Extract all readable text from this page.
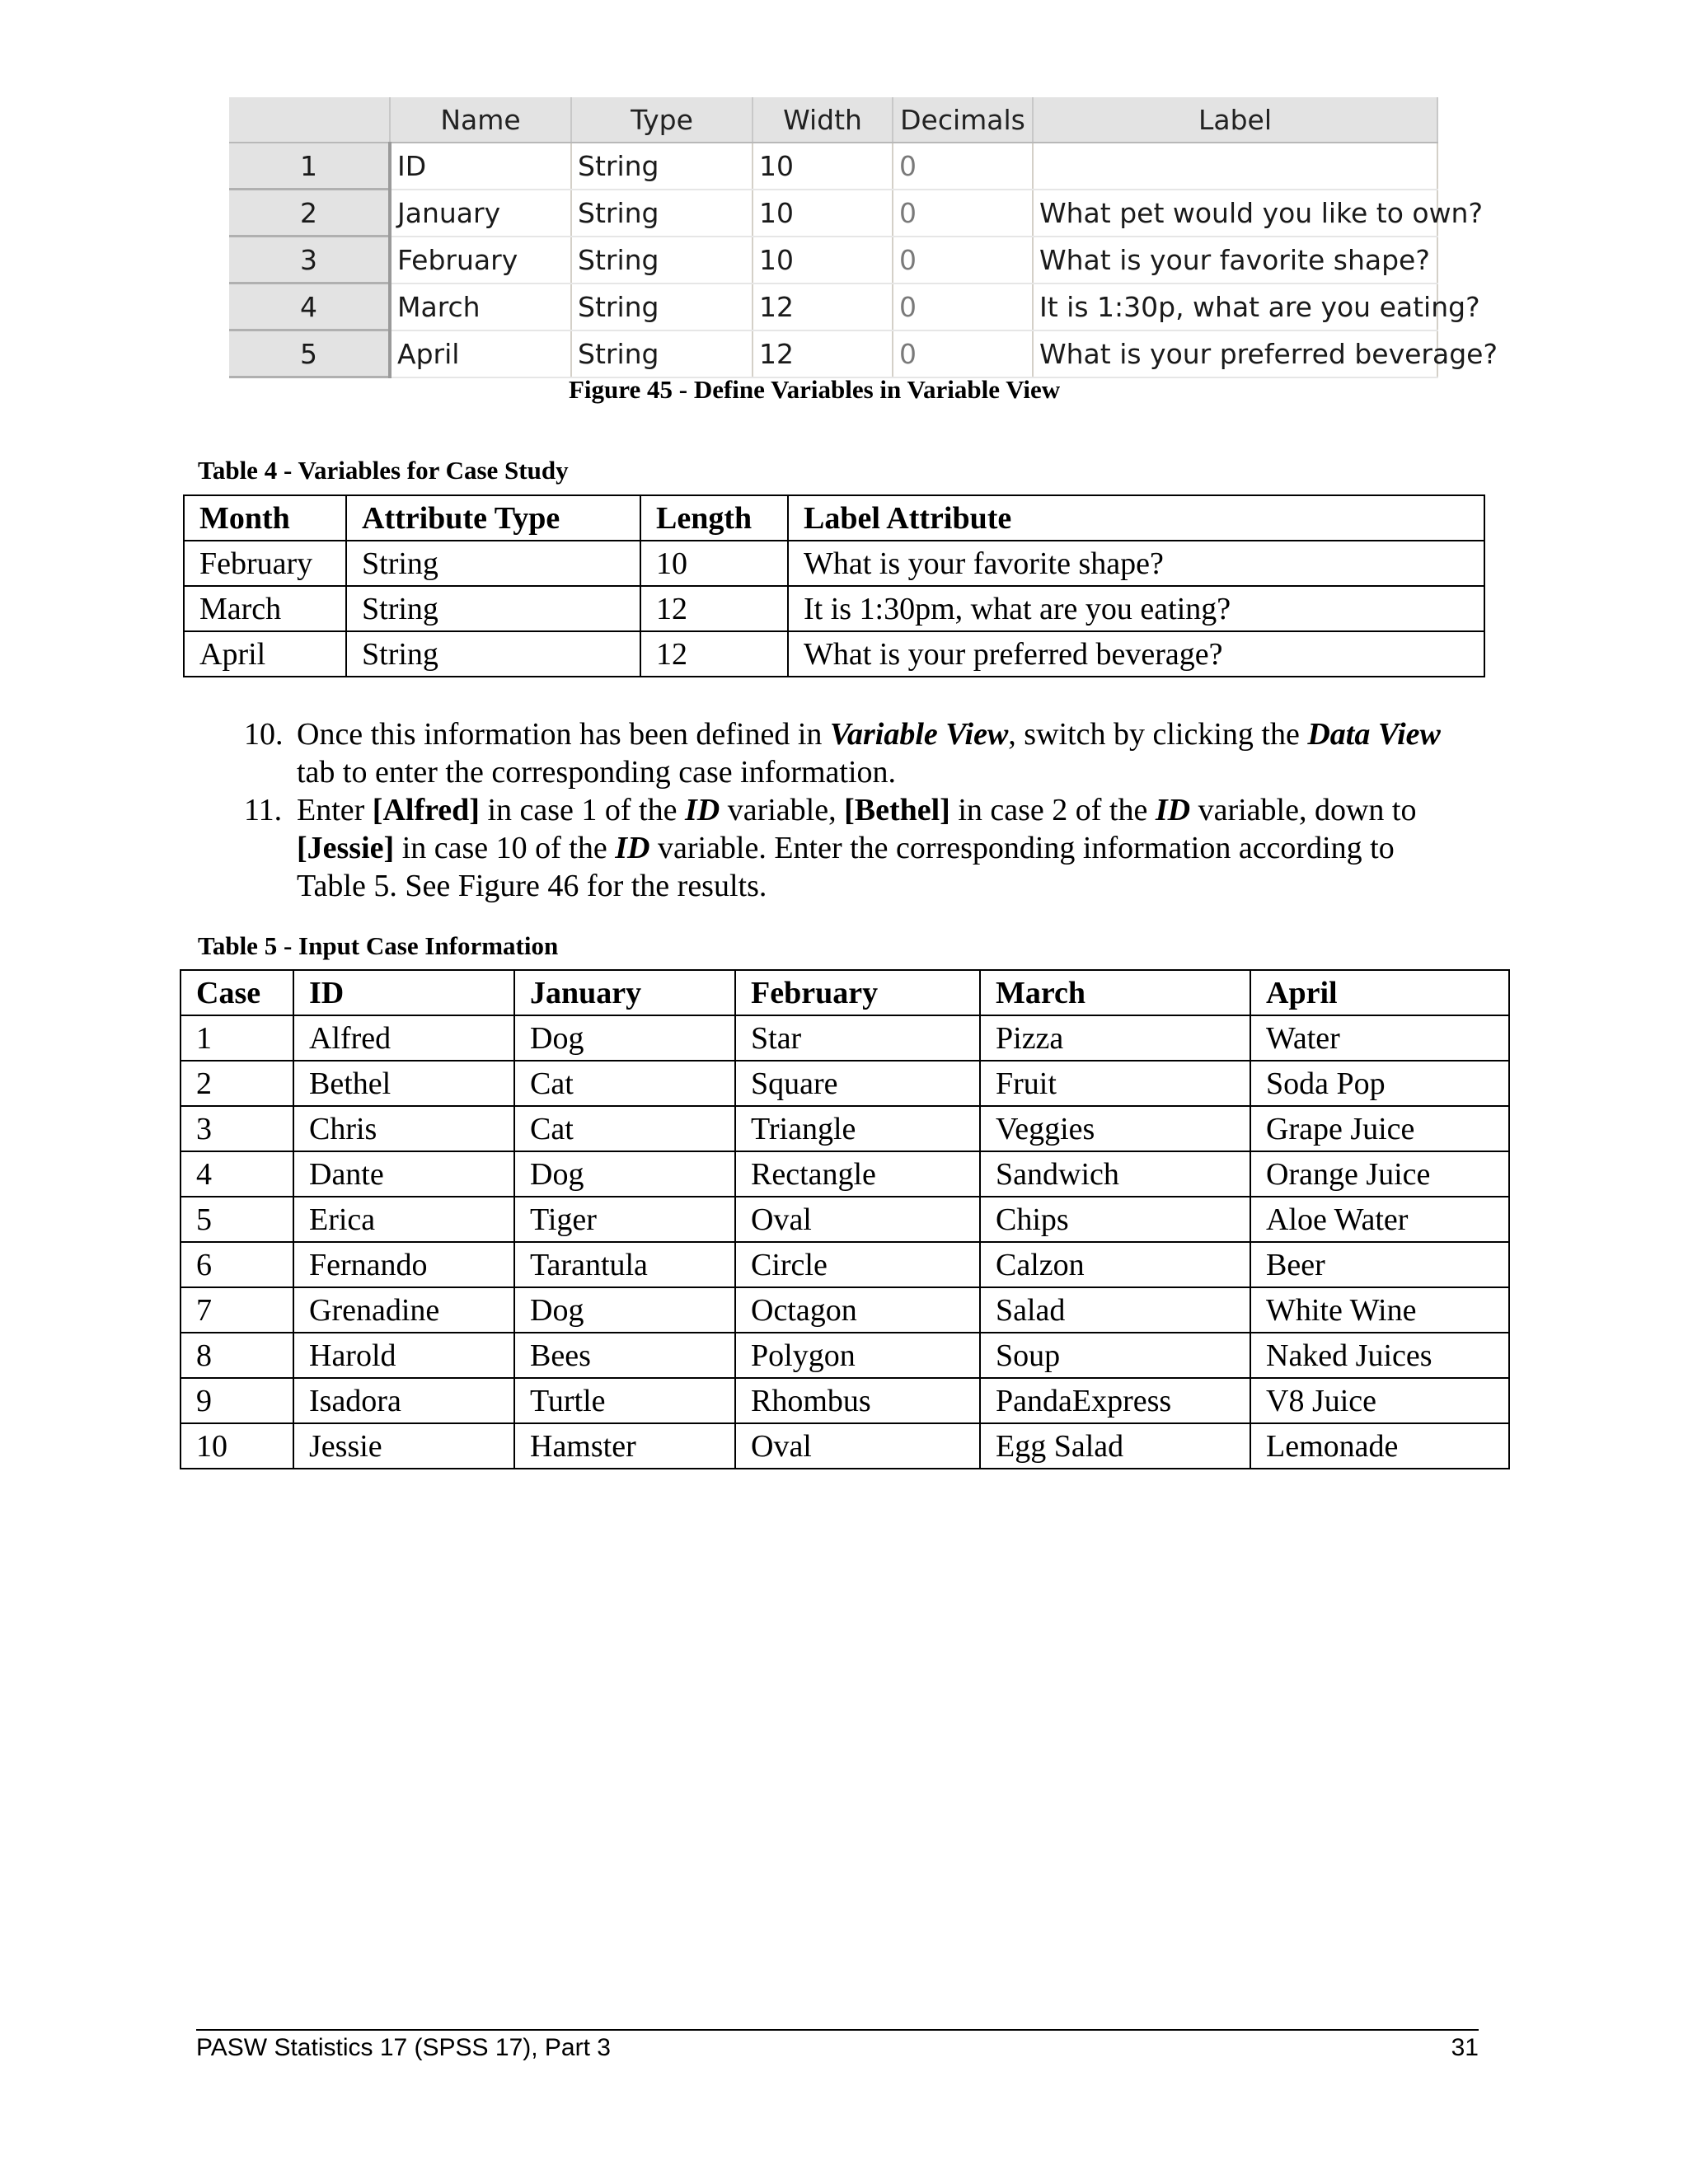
	Name	Type	Width	Decimals	Label
1	ID	String	10	0	
2	January	String	10	0	What pet would you like to own?
3	February	String	10	0	What is your favorite shape?
4	March	String	12	0	It is 1:30p, what are you eating?
5	April	String	12	0	What is your preferred beverage?
Figure 45 - Define Variables in Variable View
Table 4 - Variables for Case Study
Month	Attribute Type	Length	Label Attribute
February	String	10	What is your favorite shape?
March	String	12	It is 1:30pm, what are you eating?
April	String	12	What is your preferred beverage?

10. Once this information has been defined in Variable View, switch by clicking the Data View tab to enter the corresponding case information.

11. Enter [Alfred] in case 1 of the ID variable, [Bethel] in case 2 of the ID variable, down to [Jessie] in case 10 of the ID variable. Enter the corresponding information according to Table 5. See Figure 46 for the results.

Table 5 - Input Case Information
Case	ID	January	February	March	April
1	Alfred	Dog	Star	Pizza	Water
2	Bethel	Cat	Square	Fruit	Soda Pop
3	Chris	Cat	Triangle	Veggies	Grape Juice
4	Dante	Dog	Rectangle	Sandwich	Orange Juice
5	Erica	Tiger	Oval	Chips	Aloe Water
6	Fernando	Tarantula	Circle	Calzon	Beer
7	Grenadine	Dog	Octagon	Salad	White Wine
8	Harold	Bees	Polygon	Soup	Naked Juices
9	Isadora	Turtle	Rhombus	PandaExpress	V8 Juice
10	Jessie	Hamster	Oval	Egg Salad	Lemonade
PASW Statistics 17 (SPSS 17), Part 3	31
